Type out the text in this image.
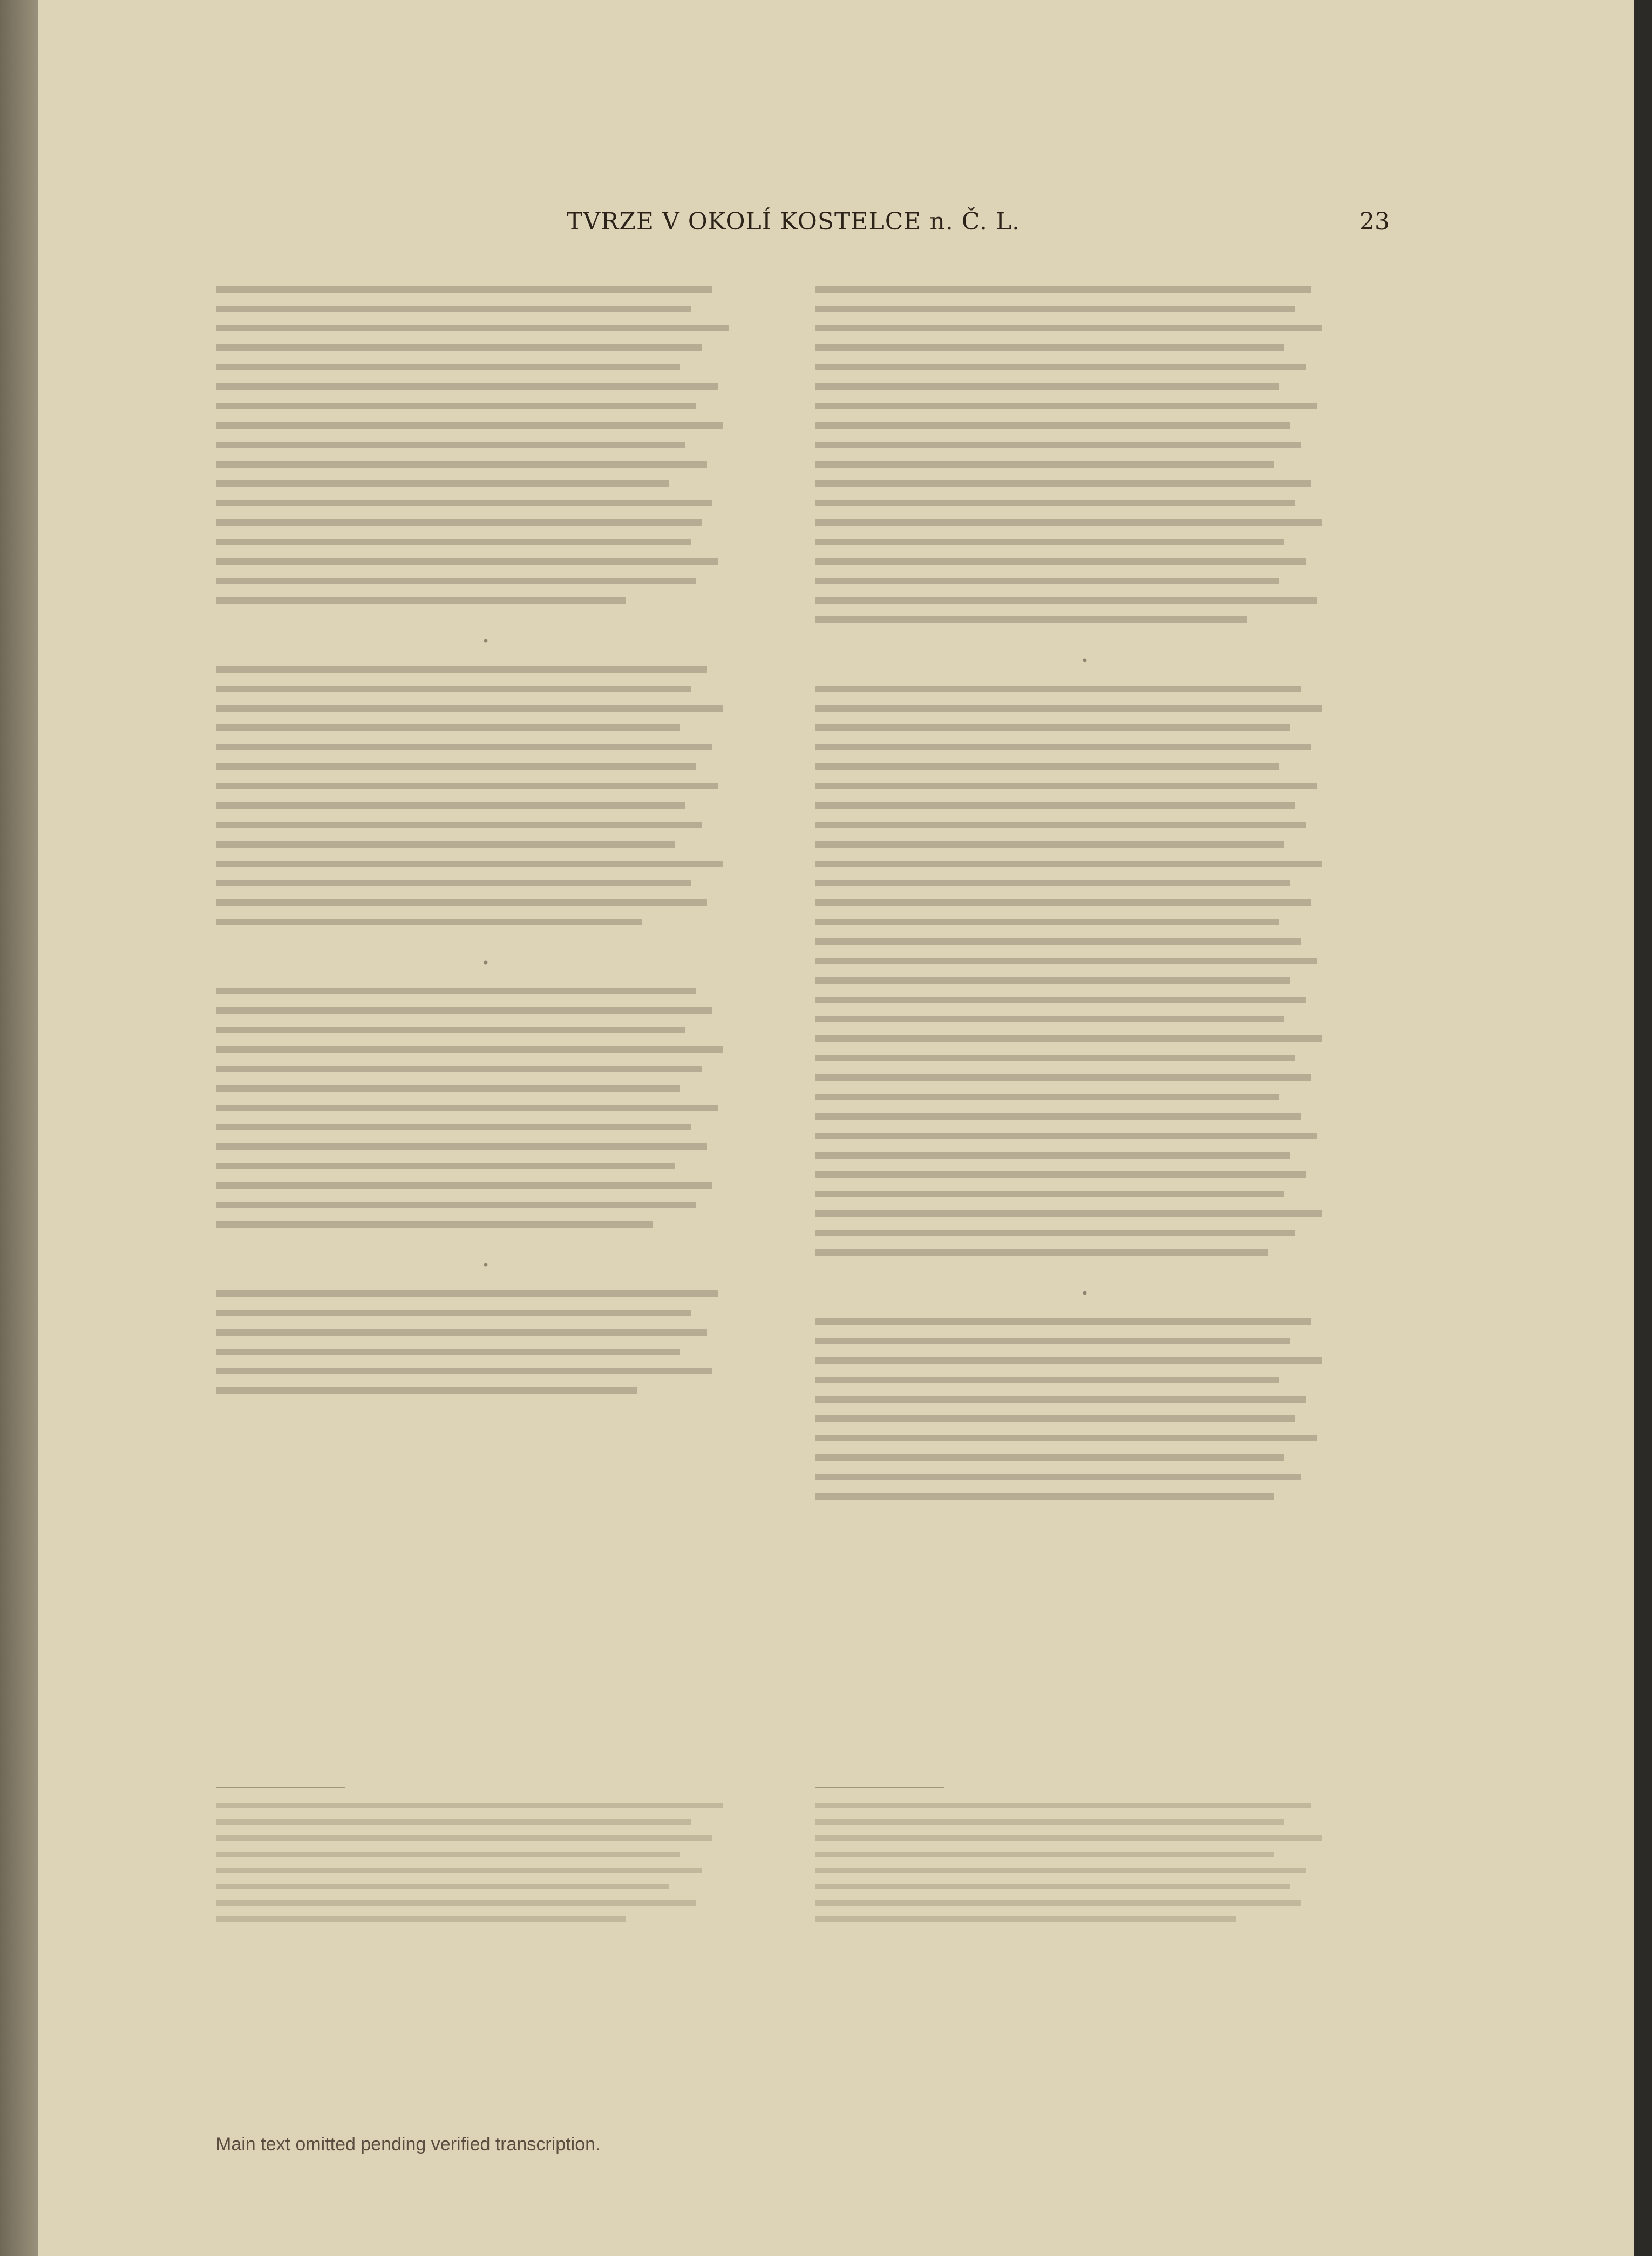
TVRZE V OKOLÍ KOSTELCE n. Č. L.	23
•
•
•
•
•
Main text omitted pending verified transcription.
